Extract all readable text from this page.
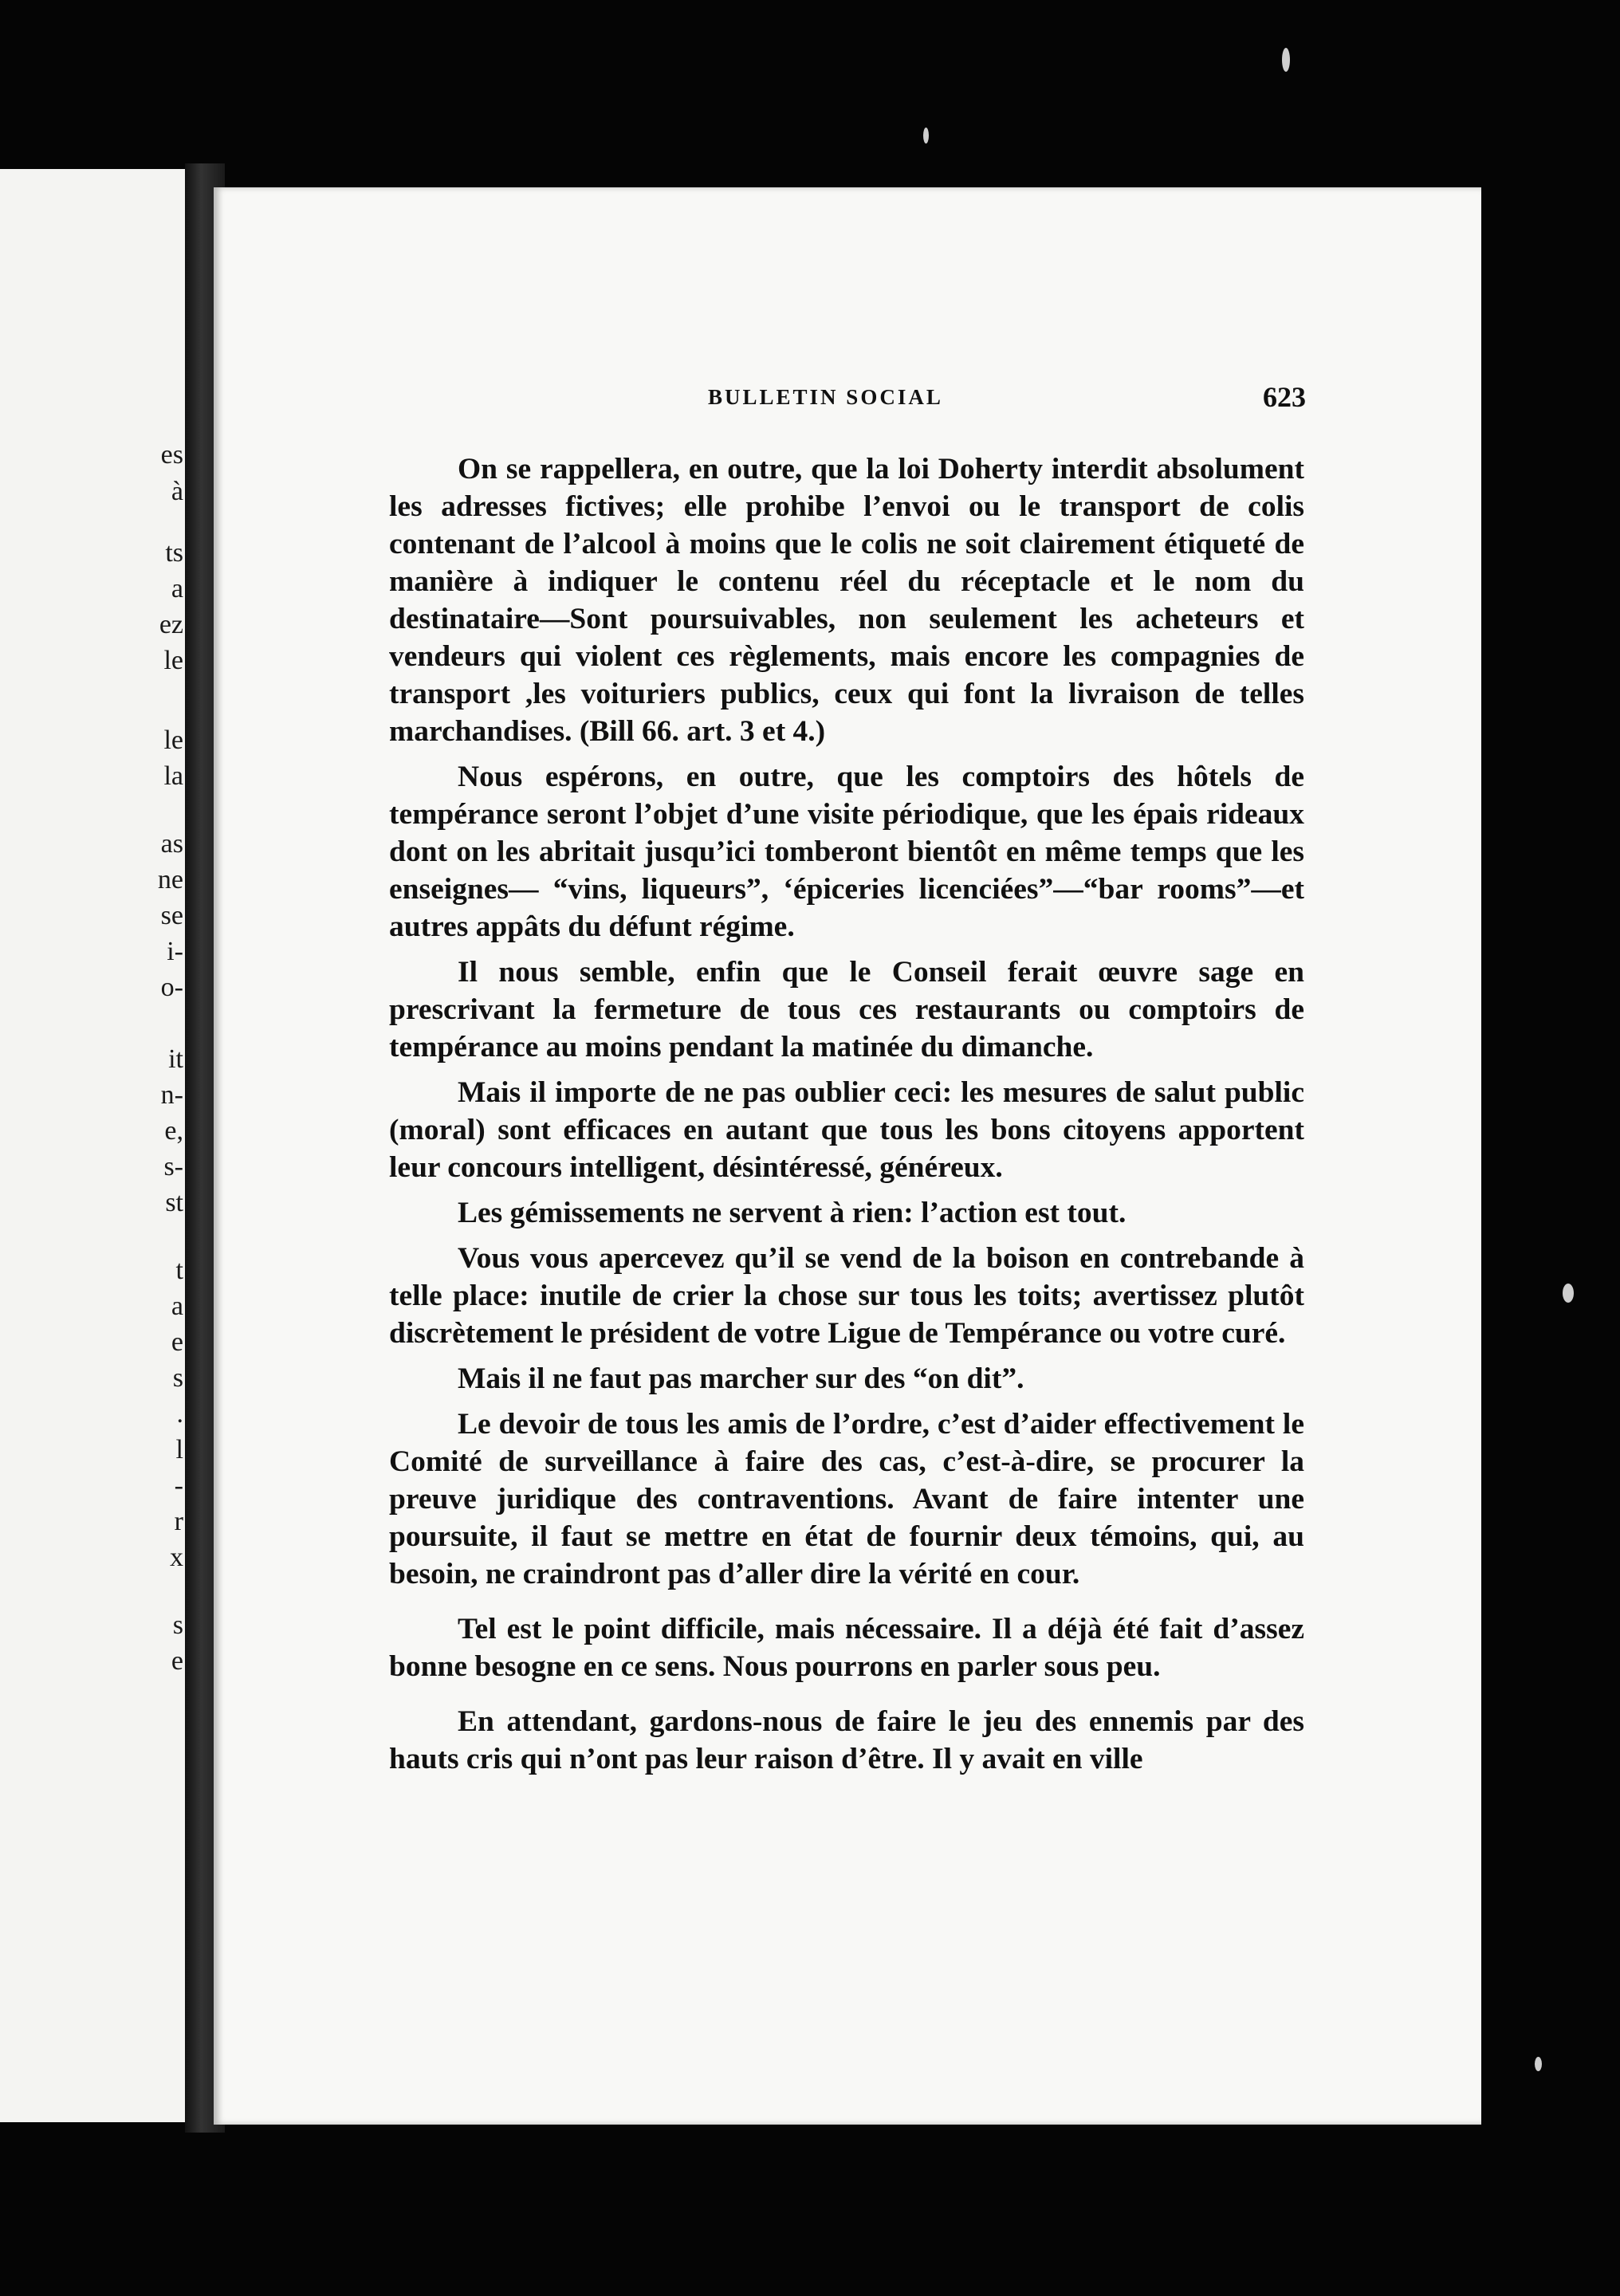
es
à
ts
a
ez
le
le
la
as
ne
se
i-
o-
it
n-
e,
s-
st
t
a
e
s
.
l
-
r
x
s
e
BULLETIN SOCIAL	623

On se rappellera, en outre, que la loi Doherty interdit absolument les adresses fictives; elle prohibe l’envoi ou le transport de colis contenant de l’alcool à moins que le colis ne soit clairement étiqueté de manière à indiquer le contenu réel du réceptacle et le nom du destinataire—Sont poursuivables, non seulement les acheteurs et vendeurs qui violent ces règlements, mais encore les compagnies de transport ,les voituriers publics, ceux qui font la livraison de telles marchandises. (Bill 66. art. 3 et 4.)

Nous espérons, en outre, que les comptoirs des hôtels de tempérance seront l’objet d’une visite périodique, que les épais rideaux dont on les abritait jusqu’ici tomberont bientôt en même temps que les enseignes— “vins, liqueurs”, ‘épiceries licenciées”—“bar rooms”—et autres appâts du défunt régime.

Il nous semble, enfin que le Conseil ferait œuvre sage en prescrivant la fermeture de tous ces restaurants ou comptoirs de tempérance au moins pendant la matinée du dimanche.

Mais il importe de ne pas oublier ceci: les mesures de salut public (moral) sont efficaces en autant que tous les bons citoyens apportent leur concours intelligent, désintéressé, généreux.

Les gémissements ne servent à rien: l’action est tout.

Vous vous apercevez qu’il se vend de la boison en contrebande à telle place: inutile de crier la chose sur tous les toits; avertissez plutôt discrètement le président de votre Ligue de Tempérance ou votre curé.

Mais il ne faut pas marcher sur des “on dit”.

Le devoir de tous les amis de l’ordre, c’est d’aider effectivement le Comité de surveillance à faire des cas, c’est-à-dire, se procurer la preuve juridique des contraventions. Avant de faire intenter une poursuite, il faut se mettre en état de fournir deux témoins, qui, au besoin, ne craindront pas d’aller dire la vérité en cour.

Tel est le point difficile, mais nécessaire. Il a déjà été fait d’assez bonne besogne en ce sens. Nous pourrons en parler sous peu.

En attendant, gardons-nous de faire le jeu des ennemis par des hauts cris qui n’ont pas leur raison d’être. Il y avait en ville
